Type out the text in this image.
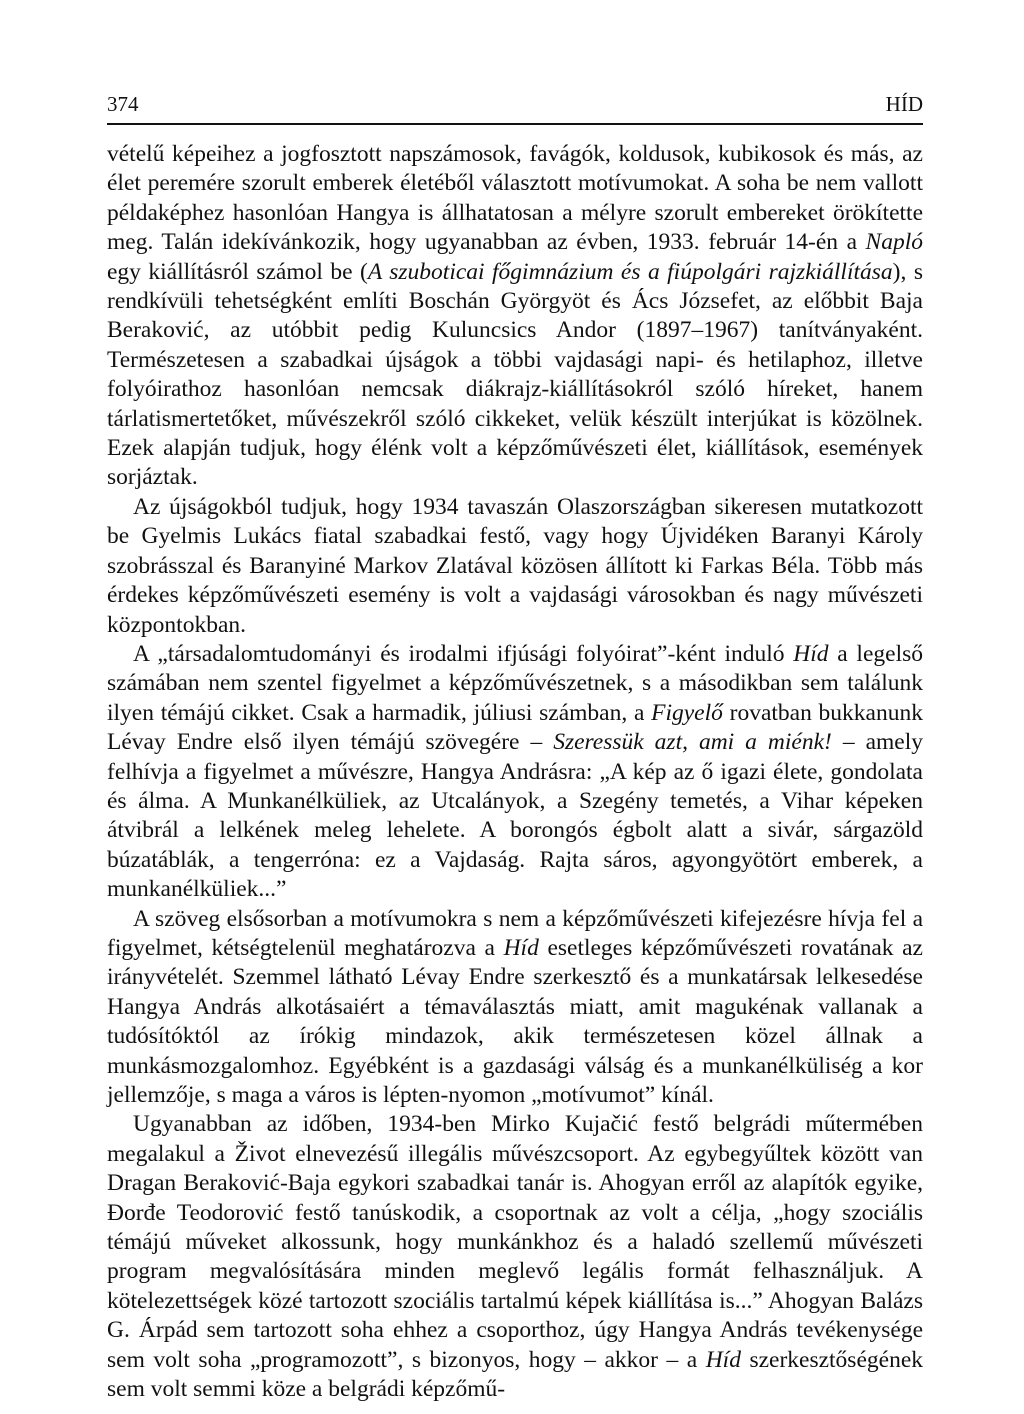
374	HÍD

vételű képeihez a jogfosztott napszámosok, favágók, koldusok, kubikosok és más, az élet peremére szorult emberek életéből választott motívumokat. A soha be nem vallott példaképhez hasonlóan Hangya is állhatatosan a mélyre szorult embereket örökítette meg. Talán idekívánkozik, hogy ugyanabban az évben, 1933. február 14-én a Napló egy kiállításról számol be (A szuboticai főgimnázium és a fiúpolgári rajzkiállítása), s rendkívüli tehetségként említi Boschán Györgyöt és Ács Józsefet, az előbbit Baja Beraković, az utóbbit pedig Kuluncsics Andor (1897–1967) tanítványaként. Természetesen a szabadkai újságok a többi vajdasági napi- és hetilaphoz, illetve folyóirathoz hasonlóan nemcsak diákrajz-kiállításokról szóló híreket, hanem tárlatismertetőket, művészekről szóló cikkeket, velük készült interjúkat is közölnek. Ezek alapján tudjuk, hogy élénk volt a képzőművészeti élet, kiállítások, események sorjáztak.

Az újságokból tudjuk, hogy 1934 tavaszán Olaszországban sikeresen mutatkozott be Gyelmis Lukács fiatal szabadkai festő, vagy hogy Újvidéken Baranyi Károly szobrásszal és Baranyiné Markov Zlatával közösen állított ki Farkas Béla. Több más érdekes képzőművészeti esemény is volt a vajdasági városokban és nagy művészeti központokban.

A „társadalomtudományi és irodalmi ifjúsági folyóirat”-ként induló Híd a legelső számában nem szentel figyelmet a képzőművészetnek, s a másodikban sem találunk ilyen témájú cikket. Csak a harmadik, júliusi számban, a Figyelő rovatban bukkanunk Lévay Endre első ilyen témájú szövegére – Szeressük azt, ami a miénk! – amely felhívja a figyelmet a művészre, Hangya Andrásra: „A kép az ő igazi élete, gondolata és álma. A Munkanélküliek, az Utcalányok, a Szegény temetés, a Vihar képeken átvibrál a lelkének meleg lehelete. A borongós égbolt alatt a sivár, sárgazöld búzatáblák, a tengerróna: ez a Vajdaság. Rajta sáros, agyongyötört emberek, a munkanélküliek...”

A szöveg elsősorban a motívumokra s nem a képzőművészeti kifejezésre hívja fel a figyelmet, kétségtelenül meghatározva a Híd esetleges képzőművészeti rovatának az irányvételét. Szemmel látható Lévay Endre szerkesztő és a munkatársak lelkesedése Hangya András alkotásaiért a témaválasztás miatt, amit magukénak vallanak a tudósítóktól az írókig mindazok, akik természetesen közel állnak a munkásmozgalomhoz. Egyébként is a gazdasági válság és a munkanélküliség a kor jellemzője, s maga a város is lépten-nyomon „motívumot” kínál.

Ugyanabban az időben, 1934-ben Mirko Kujačić festő belgrádi műtermében megalakul a Život elnevezésű illegális művészcsoport. Az egybegyűltek között van Dragan Beraković-Baja egykori szabadkai tanár is. Ahogyan erről az alapítók egyike, Đorđe Teodorović festő tanúskodik, a csoportnak az volt a célja, „hogy szociális témájú műveket alkossunk, hogy munkánkhoz és a haladó szellemű művészeti program megvalósítására minden meglevő legális formát felhasználjuk. A kötelezettségek közé tartozott szociális tartalmú képek kiállítása is...” Ahogyan Balázs G. Árpád sem tartozott soha ehhez a csoporthoz, úgy Hangya András tevékenysége sem volt soha „programozott”, s bizonyos, hogy – akkor – a Híd szerkesztőségének sem volt semmi köze a belgrádi képzőmű-
